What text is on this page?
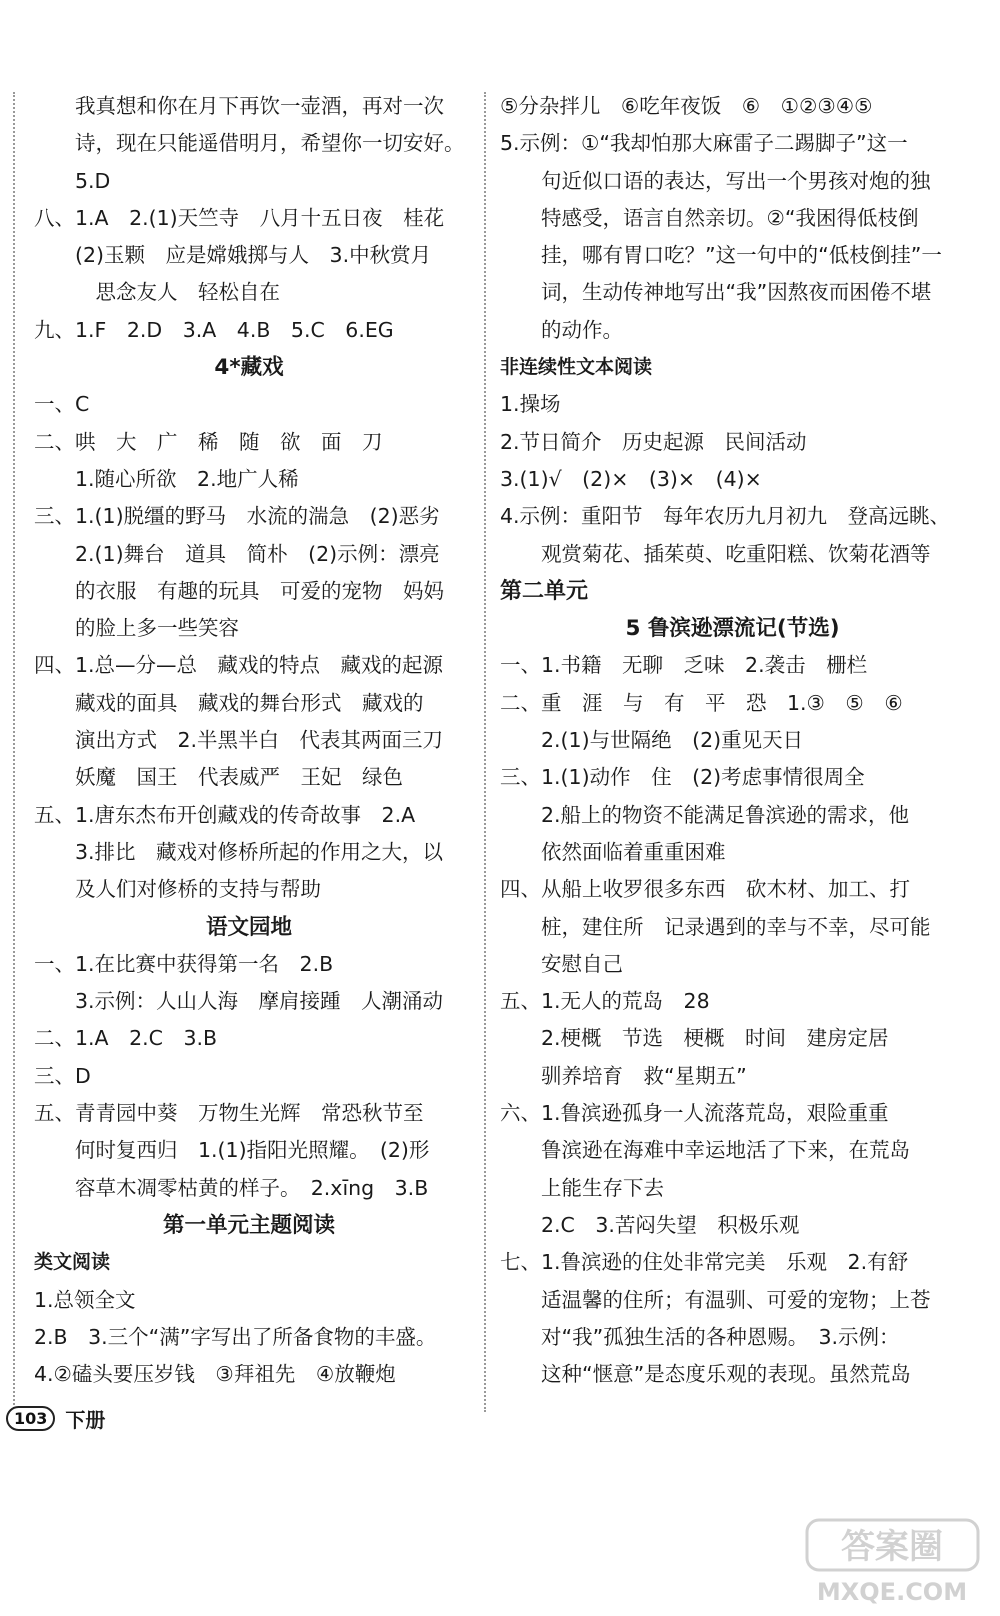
　　我真想和你在月下再饮一壶酒，再对一次
　　诗，现在只能遥借明月，希望你一切安好。
　　5.D
八、1.A　2.(1)天竺寺　八月十五日夜　桂花
　　(2)玉颗　应是嫦娥掷与人　3.中秋赏月
　　　思念友人　轻松自在
九、1.F　2.D　3.A　4.B　5.C　6.EG
4*藏戏
一、C
二、哄　大　广　稀　随　欲　面　刀
　　1.随心所欲　2.地广人稀
三、1.(1)脱缰的野马　水流的湍急　(2)恶劣
　　2.(1)舞台　道具　简朴　(2)示例：漂亮
　　的衣服　有趣的玩具　可爱的宠物　妈妈
　　的脸上多一些笑容
四、1.总—分—总　藏戏的特点　藏戏的起源
　　藏戏的面具　藏戏的舞台形式　藏戏的
　　演出方式　2.半黑半白　代表其两面三刀
　　妖魔　国王　代表威严　王妃　绿色
五、1.唐东杰布开创藏戏的传奇故事　2.A
　　3.排比　藏戏对修桥所起的作用之大，以
　　及人们对修桥的支持与帮助
语文园地
一、1.在比赛中获得第一名　2.B
　　3.示例：人山人海　摩肩接踵　人潮涌动
二、1.A　2.C　3.B
三、D
五、青青园中葵　万物生光辉　常恐秋节至
　　何时复西归　1.(1)指阳光照耀。　(2)形
　　容草木凋零枯黄的样子。　2.xīng　3.B
第一单元主题阅读
类文阅读
1.总领全文
2.B　3.三个“满”字写出了所备食物的丰盛。
4.②磕头要压岁钱　③拜祖先　④放鞭炮
⑤分杂拌儿　⑥吃年夜饭　⑥　①②③④⑤
5.示例：①“我却怕那大麻雷子二踢脚子”这一
　　句近似口语的表达，写出一个男孩对炮的独
　　特感受，语言自然亲切。②“我困得低枝倒
　　挂，哪有胃口吃？”这一句中的“低枝倒挂”一
　　词，生动传神地写出“我”因熬夜而困倦不堪
　　的动作。
非连续性文本阅读
1.操场
2.节日简介　历史起源　民间活动
3.(1)√　(2)×　(3)×　(4)×
4.示例：重阳节　每年农历九月初九　登高远眺、
　　观赏菊花、插茱萸、吃重阳糕、饮菊花酒等
第二单元
5 鲁滨逊漂流记(节选)
一、1.书籍　无聊　乏味　2.袭击　栅栏
二、重　涯　与　有　平　恐　1.③　⑤　⑥
　　2.(1)与世隔绝　(2)重见天日
三、1.(1)动作　住　(2)考虑事情很周全
　　2.船上的物资不能满足鲁滨逊的需求，他
　　依然面临着重重困难
四、从船上收罗很多东西　砍木材、加工、打
　　桩，建住所　记录遇到的幸与不幸，尽可能
　　安慰自己
五、1.无人的荒岛　28
　　2.梗概　节选　梗概　时间　建房定居
　　驯养培育　救“星期五”
六、1.鲁滨逊孤身一人流落荒岛，艰险重重
　　鲁滨逊在海难中幸运地活了下来，在荒岛
　　上能生存下去
　　2.C　3.苦闷失望　积极乐观
七、1.鲁滨逊的住处非常完美　乐观　2.有舒
　　适温馨的住所；有温驯、可爱的宠物；上苍
　　对“我”孤独生活的各种恩赐。　3.示例：
　　这种“惬意”是态度乐观的表现。虽然荒岛
103 下册
答案圈
MXQE.COM
